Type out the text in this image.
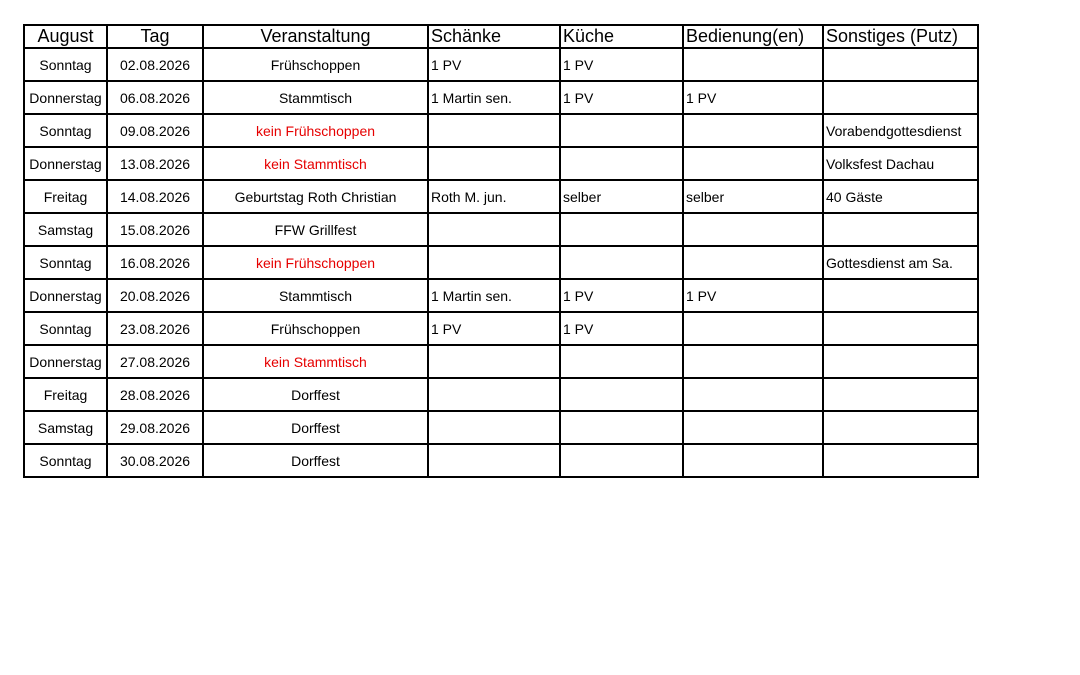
August	Tag	Veranstaltung	Schänke	Küche	Bedienung(en)	Sonstiges (Putz)
Sonntag	02.08.2026	Frühschoppen	1 PV	1 PV		
Donnerstag	06.08.2026	Stammtisch	1 Martin sen.	1 PV	1 PV	
Sonntag	09.08.2026	kein Frühschoppen				Vorabendgottesdienst
Donnerstag	13.08.2026	kein Stammtisch				Volksfest Dachau
Freitag	14.08.2026	Geburtstag Roth Christian	Roth M. jun.	selber	selber	40 Gäste
Samstag	15.08.2026	FFW Grillfest				
Sonntag	16.08.2026	kein Frühschoppen				Gottesdienst am Sa.
Donnerstag	20.08.2026	Stammtisch	1 Martin sen.	1 PV	1 PV	
Sonntag	23.08.2026	Frühschoppen	1 PV	1 PV		
Donnerstag	27.08.2026	kein Stammtisch				
Freitag	28.08.2026	Dorffest				
Samstag	29.08.2026	Dorffest				
Sonntag	30.08.2026	Dorffest				
